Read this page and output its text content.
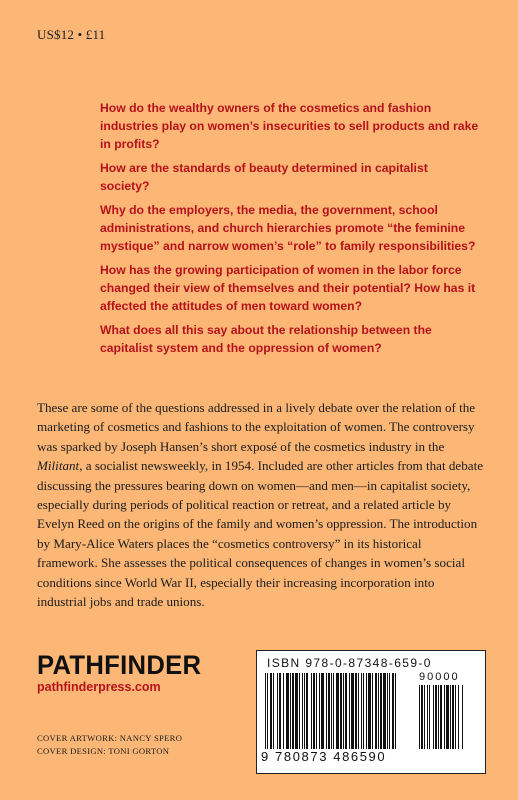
US$12 • £11

How do the wealthy owners of the cosmetics and fashion industries play on women’s insecurities to sell products and rake in profits?

How are the standards of beauty determined in capitalist society?

Why do the employers, the media, the government, school administrations, and church hierarchies promote “the feminine mystique” and narrow women’s “role” to family responsibilities?

How has the growing participation of women in the labor force changed their view of themselves and their potential? How has it affected the attitudes of men toward women?

What does all this say about the relationship between the capitalist system and the oppression of women?

These are some of the questions addressed in a lively debate over the relation of the marketing of cosmetics and fashions to the exploitation of women. The controversy was sparked by Joseph Hansen’s short exposé of the cosmetics industry in the Militant, a socialist newsweekly, in 1954. Included are other articles from that debate discussing the pressures bearing down on women—and men—in capitalist society, especially during periods of political reaction or retreat, and a related article by Evelyn Reed on the origins of the family and women’s oppression. The introduction by Mary-Alice Waters places the “cosmetics controversy” in its historical framework. She assesses the political consequences of changes in women’s social conditions since World War II, especially their increasing incorporation into industrial jobs and trade unions.

PATHFINDER
pathfinderpress.com
COVER ARTWORK: NANCY SPERO
COVER DESIGN: TONI GORTON
ISBN 978-0-87348-659-0
90000
9 780873 486590
